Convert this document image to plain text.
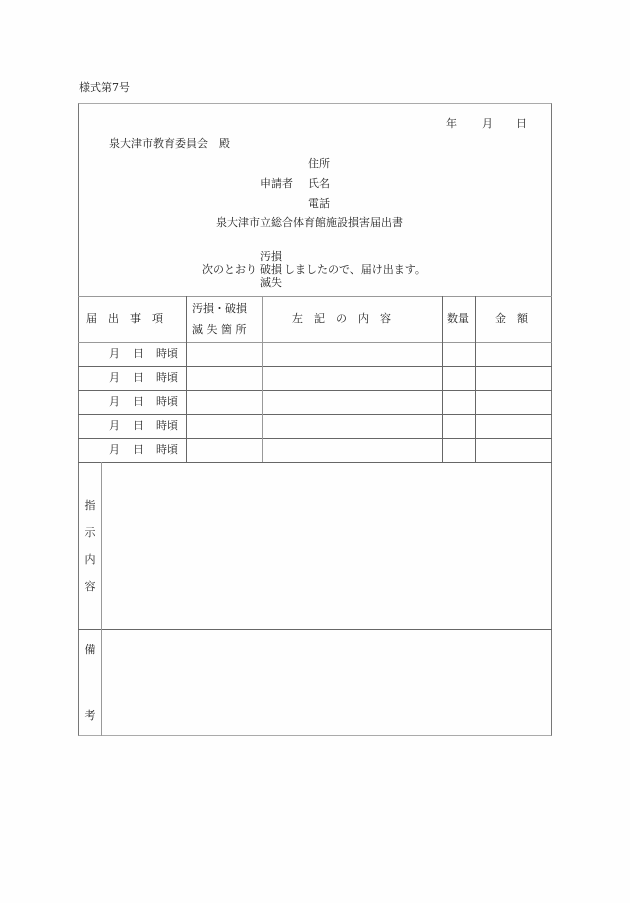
様式第7号
年 月 日
泉大津市教育委員会　殿
住所
申請者 氏名
電話
泉大津市立総合体育館施設損害届出書
汚損
次のとおり 破損 しましたので、届け出ます。
滅失
届　出　事　項
汚損・破損
滅 失 箇 所
左　記　の　内　容	数量 金　額
月 日 時頃
月 日 時頃
月 日 時頃
月 日 時頃
月 日 時頃
指
示
内
容
備
考
